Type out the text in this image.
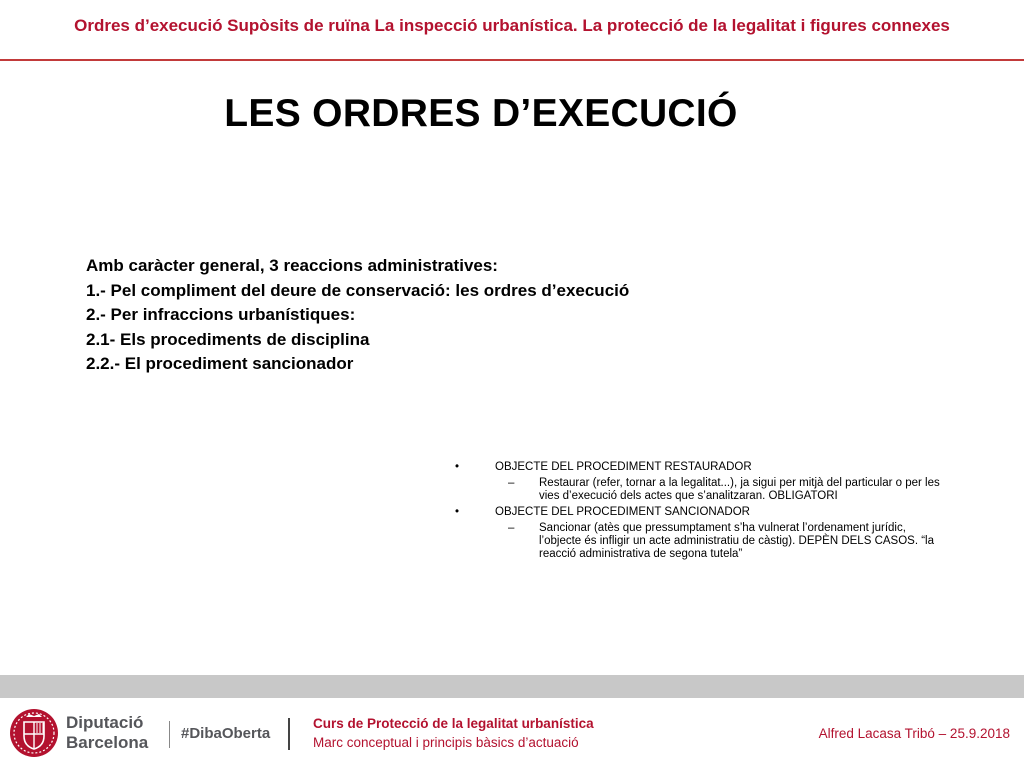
Ordres d’execució Supòsits de ruïna La inspecció urbanística. La protecció de la legalitat i figures connexes
LES ORDRES D’EXECUCIÓ
Amb caràcter general, 3 reaccions administratives:
1.- Pel compliment del deure de conservació: les ordres d’execució
2.- Per infraccions urbanístiques:
2.1- Els procediments de disciplina
2.2.- El procediment sancionador
•	OBJECTE DEL PROCEDIMENT RESTAURADOR
– Restaurar (refer, tornar a la legalitat...), ja sigui per mitjà del particular o per les vies d’execució dels actes que s’analitzaran. OBLIGATORI
•	OBJECTE DEL PROCEDIMENT SANCIONADOR
– Sancionar (atès que pressumptament s’ha vulnerat l’ordenament jurídic, l’objecte és infligir un acte administratiu de càstig). DEPÈN DELS CASOS. “la reacció administrativa de segona tutela”
Diputació
Barcelona #DibaOberta
Curs de Protecció de la legalitat urbanística
Marc conceptual i principis bàsics d’actuació
Alfred Lacasa Tribó – 25.9.2018
